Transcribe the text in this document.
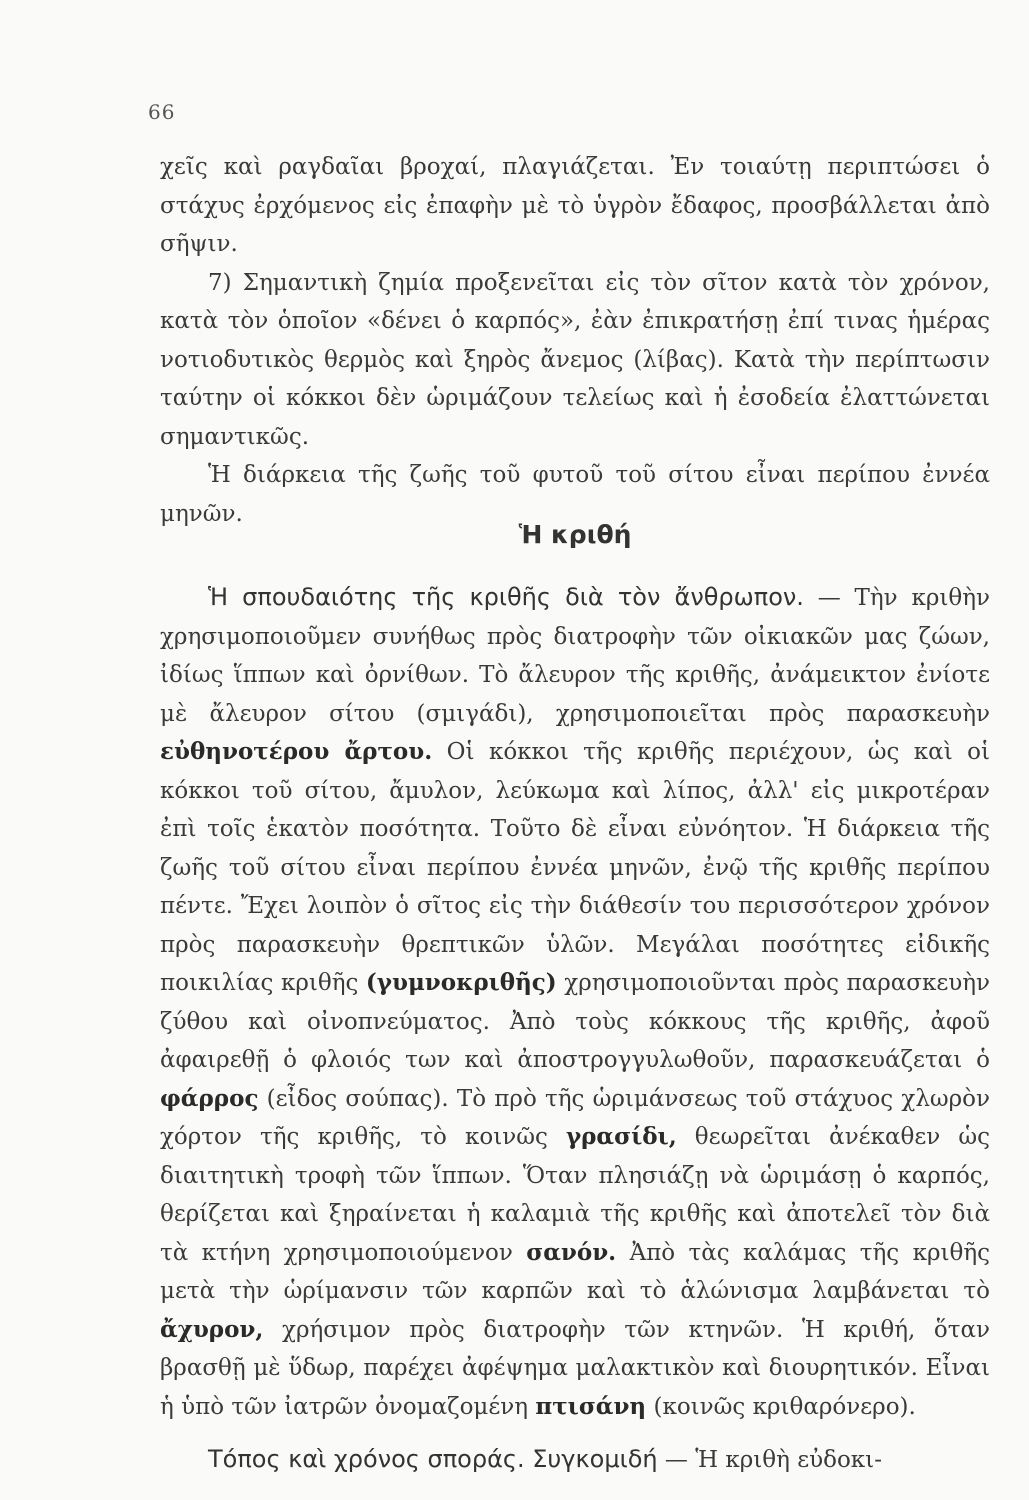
66

χεῖς καὶ ραγδαῖαι βροχαί, πλαγιάζεται. Ἐν τοιαύτῃ περιπτώσει ὁ στάχυς ἐρχόμενος εἰς ἐπαφὴν μὲ τὸ ὑγρὸν ἔδαφος, προσβάλλεται ἀπὸ σῆψιν.

7) Σημαντικὴ ζημία προξενεῖται εἰς τὸν σῖτον κατὰ τὸν χρόνον, κατὰ τὸν ὁποῖον «δένει ὁ καρπός», ἐὰν ἐπικρατήσῃ ἐπί τινας ἡμέρας νοτιοδυτικὸς θερμὸς καὶ ξηρὸς ἄνεμος (λίβας). Κατὰ τὴν περίπτωσιν ταύτην οἱ κόκκοι δὲν ὡριμάζουν τελείως καὶ ἡ ἐσοδεία ἐλαττώνεται σημαντικῶς.

Ἡ διάρκεια τῆς ζωῆς τοῦ φυτοῦ τοῦ σίτου εἶναι περίπου ἐννέα μηνῶν.

Ἡ κριθή

Ἡ σπουδαιότης τῆς κριθῆς διὰ τὸν ἄνθρωπον. — Τὴν κριθὴν χρησιμοποιοῦμεν συνήθως πρὸς διατροφὴν τῶν οἰκιακῶν μας ζώων, ἰδίως ἵππων καὶ ὀρνίθων. Τὸ ἄλευρον τῆς κριθῆς, ἀνάμεικτον ἐνίοτε μὲ ἄλευρον σίτου (σμιγάδι), χρησιμοποιεῖται πρὸς παρασκευὴν εὐθηνοτέρου ἄρτου. Οἱ κόκκοι τῆς κριθῆς περιέχουν, ὡς καὶ οἱ κόκκοι τοῦ σίτου, ἄμυλον, λεύκωμα καὶ λίπος, ἀλλ' εἰς μικροτέραν ἐπὶ τοῖς ἑκατὸν ποσότητα. Τοῦτο δὲ εἶναι εὐνόητον. Ἡ διάρκεια τῆς ζωῆς τοῦ σίτου εἶναι περίπου ἐννέα μηνῶν, ἐνῷ τῆς κριθῆς περίπου πέντε. Ἔχει λοιπὸν ὁ σῖτος εἰς τὴν διάθεσίν του περισσότερον χρόνον πρὸς παρασκευὴν θρεπτικῶν ὑλῶν. Μεγάλαι ποσότητες εἰδικῆς ποικιλίας κριθῆς (γυμνοκριθῆς) χρησιμοποιοῦνται πρὸς παρασκευὴν ζύθου καὶ οἰνοπνεύματος. Ἀπὸ τοὺς κόκκους τῆς κριθῆς, ἀφοῦ ἀφαιρεθῇ ὁ φλοιός των καὶ ἀποστρογγυλωθοῦν, παρασκευάζεται ὁ φάρρος (εἶδος σούπας). Τὸ πρὸ τῆς ὡριμάνσεως τοῦ στάχυος χλωρὸν χόρτον τῆς κριθῆς, τὸ κοινῶς γρασίδι, θεωρεῖται ἀνέκαθεν ὡς διαιτητικὴ τροφὴ τῶν ἵππων. Ὅταν πλησιάζῃ νὰ ὡριμάσῃ ὁ καρπός, θερίζεται καὶ ξηραίνεται ἡ καλαμιὰ τῆς κριθῆς καὶ ἀποτελεῖ τὸν διὰ τὰ κτήνη χρησιμοποιούμενον σανόν. Ἀπὸ τὰς καλάμας τῆς κριθῆς μετὰ τὴν ὡρίμανσιν τῶν καρπῶν καὶ τὸ ἁλώνισμα λαμβάνεται τὸ ἄχυρον, χρήσιμον πρὸς διατροφὴν τῶν κτηνῶν. Ἡ κριθή, ὅταν βρασθῇ μὲ ὕδωρ, παρέχει ἀφέψημα μαλακτικὸν καὶ διουρητικόν. Εἶναι ἡ ὑπὸ τῶν ἰατρῶν ὀνομαζομένη πτισάνη (κοινῶς κριθαρόνερο).

Τόπος καὶ χρόνος σποράς. Συγκομιδή — Ἡ κριθὴ εὐδοκι-
